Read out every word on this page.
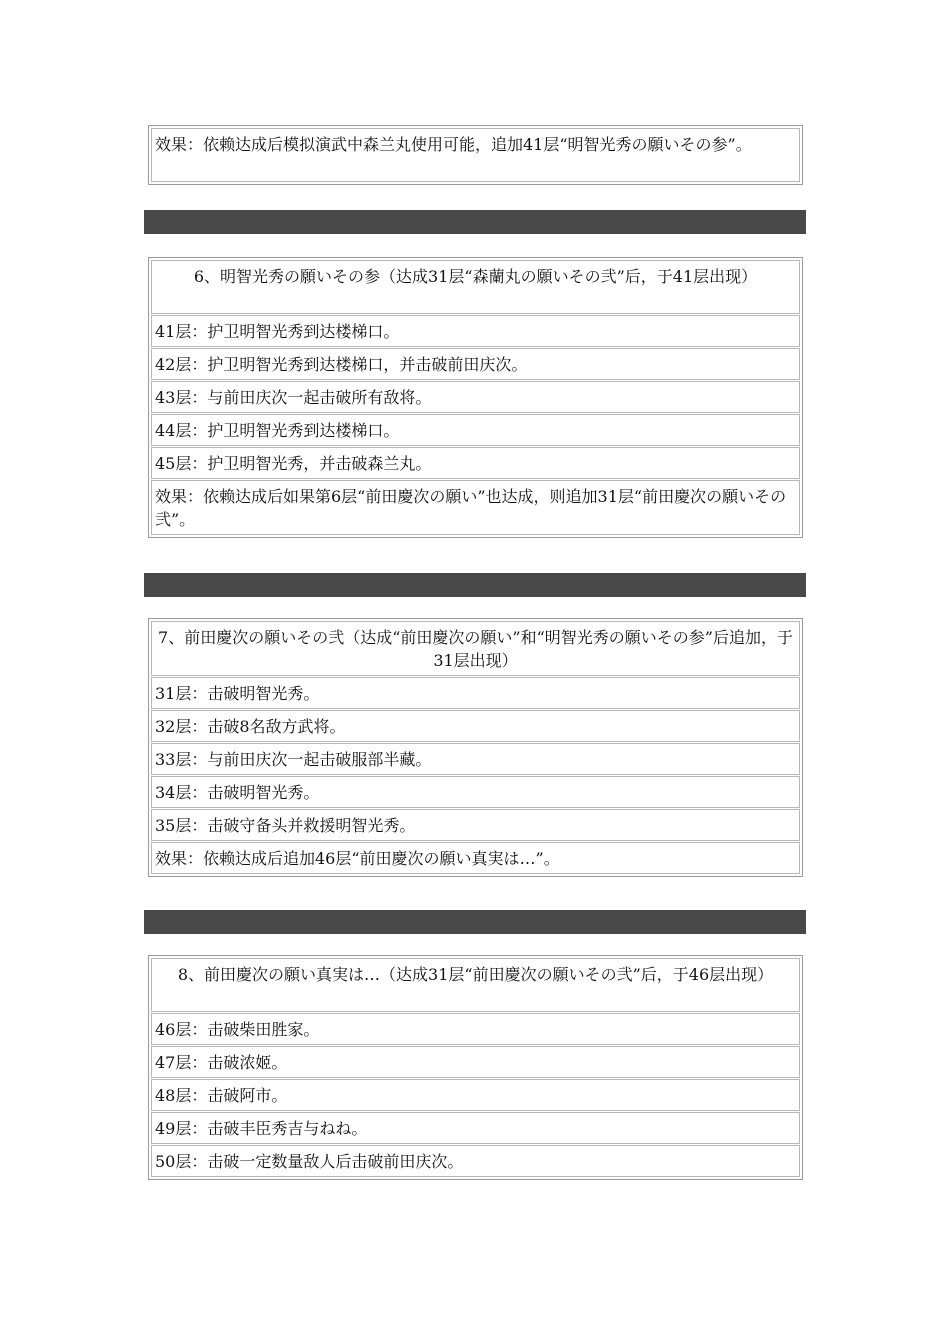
效果：依赖达成后模拟演武中森兰丸使用可能，追加41层“明智光秀の願いその参”。
6、明智光秀の願いその参（达成31层“森蘭丸の願いその弐”后，于41层出现）
41层：护卫明智光秀到达楼梯口。
42层：护卫明智光秀到达楼梯口，并击破前田庆次。
43层：与前田庆次一起击破所有敌将。
44层：护卫明智光秀到达楼梯口。
45层：护卫明智光秀，并击破森兰丸。
效果：依赖达成后如果第6层“前田慶次の願い”也达成，则追加31层“前田慶次の願いその弐”。
7、前田慶次の願いその弐（达成“前田慶次の願い”和“明智光秀の願いその参”后追加，于31层出现）
31层：击破明智光秀。
32层：击破8名敌方武将。
33层：与前田庆次一起击破服部半藏。
34层：击破明智光秀。
35层：击破守备头并救援明智光秀。
效果：依赖达成后追加46层“前田慶次の願い真実は…”。
8、前田慶次の願い真実は…（达成31层“前田慶次の願いその弐”后，于46层出现）
46层：击破柴田胜家。
47层：击破浓姬。
48层：击破阿市。
49层：击破丰臣秀吉与ねね。
50层：击破一定数量敌人后击破前田庆次。
